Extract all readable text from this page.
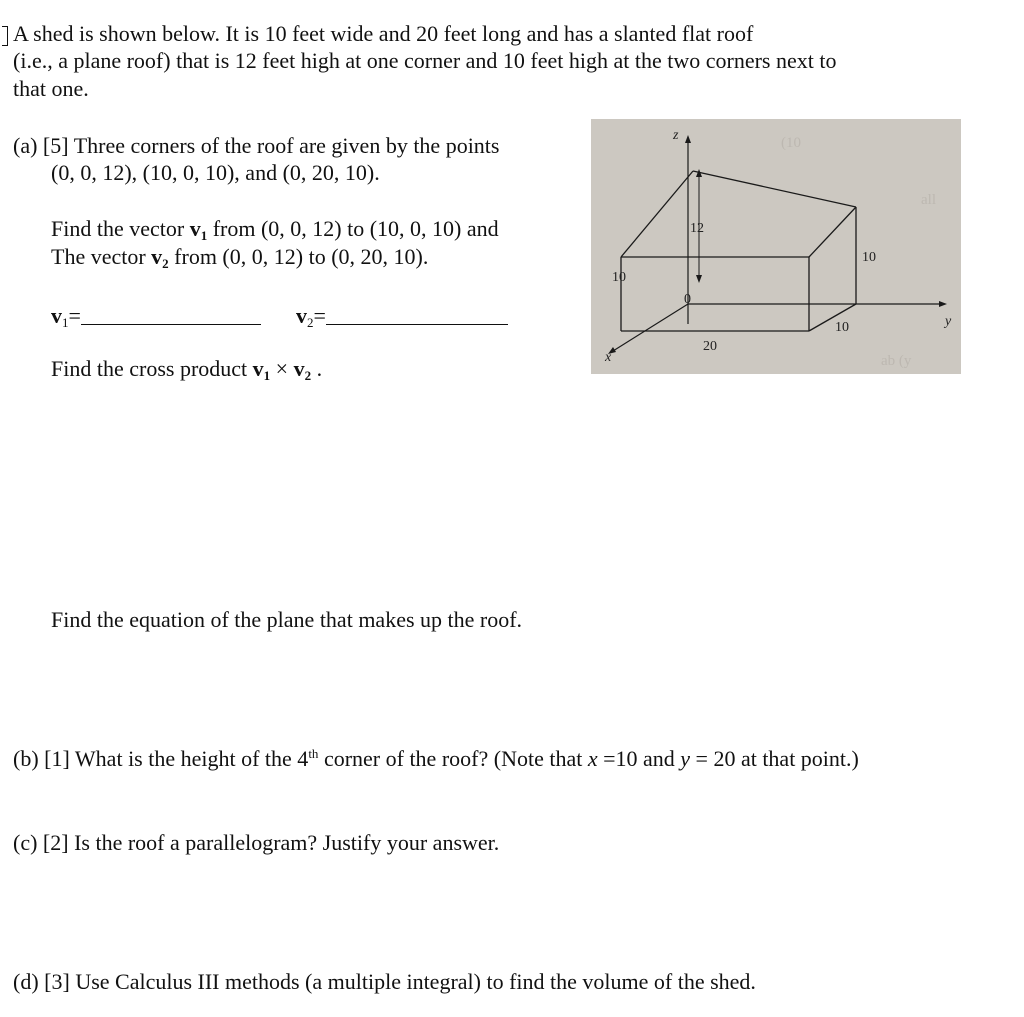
A shed is shown below. It is 10 feet wide and 20 feet long and has a slanted flat roof
(i.e., a plane roof) that is 12 feet high at one corner and 10 feet high at the two corners next to
that one.
(a) [5] Three corners of the roof are given by the points
(0, 0, 12), (10, 0, 10), and (0, 20, 10).
Find the vector $v_1$ from (0, 0, 12) to (10, 0, 10) and
The vector $v_2$ from (0, 0, 12) to (0, 20, 10).
$v_1=$	$v_2=$
Find the cross product $v_1 \times v_2$ .
Find the equation of the plane that makes up the roof.
(10
all
ab (y
z
x
y
12
0
10
20
10
10
(b) [1] What is the height of the 4th corner of the roof? (Note that x =10 and y = 20 at that point.)
(c) [2] Is the roof a parallelogram? Justify your answer.
(d) [3] Use Calculus III methods (a multiple integral) to find the volume of the shed.
